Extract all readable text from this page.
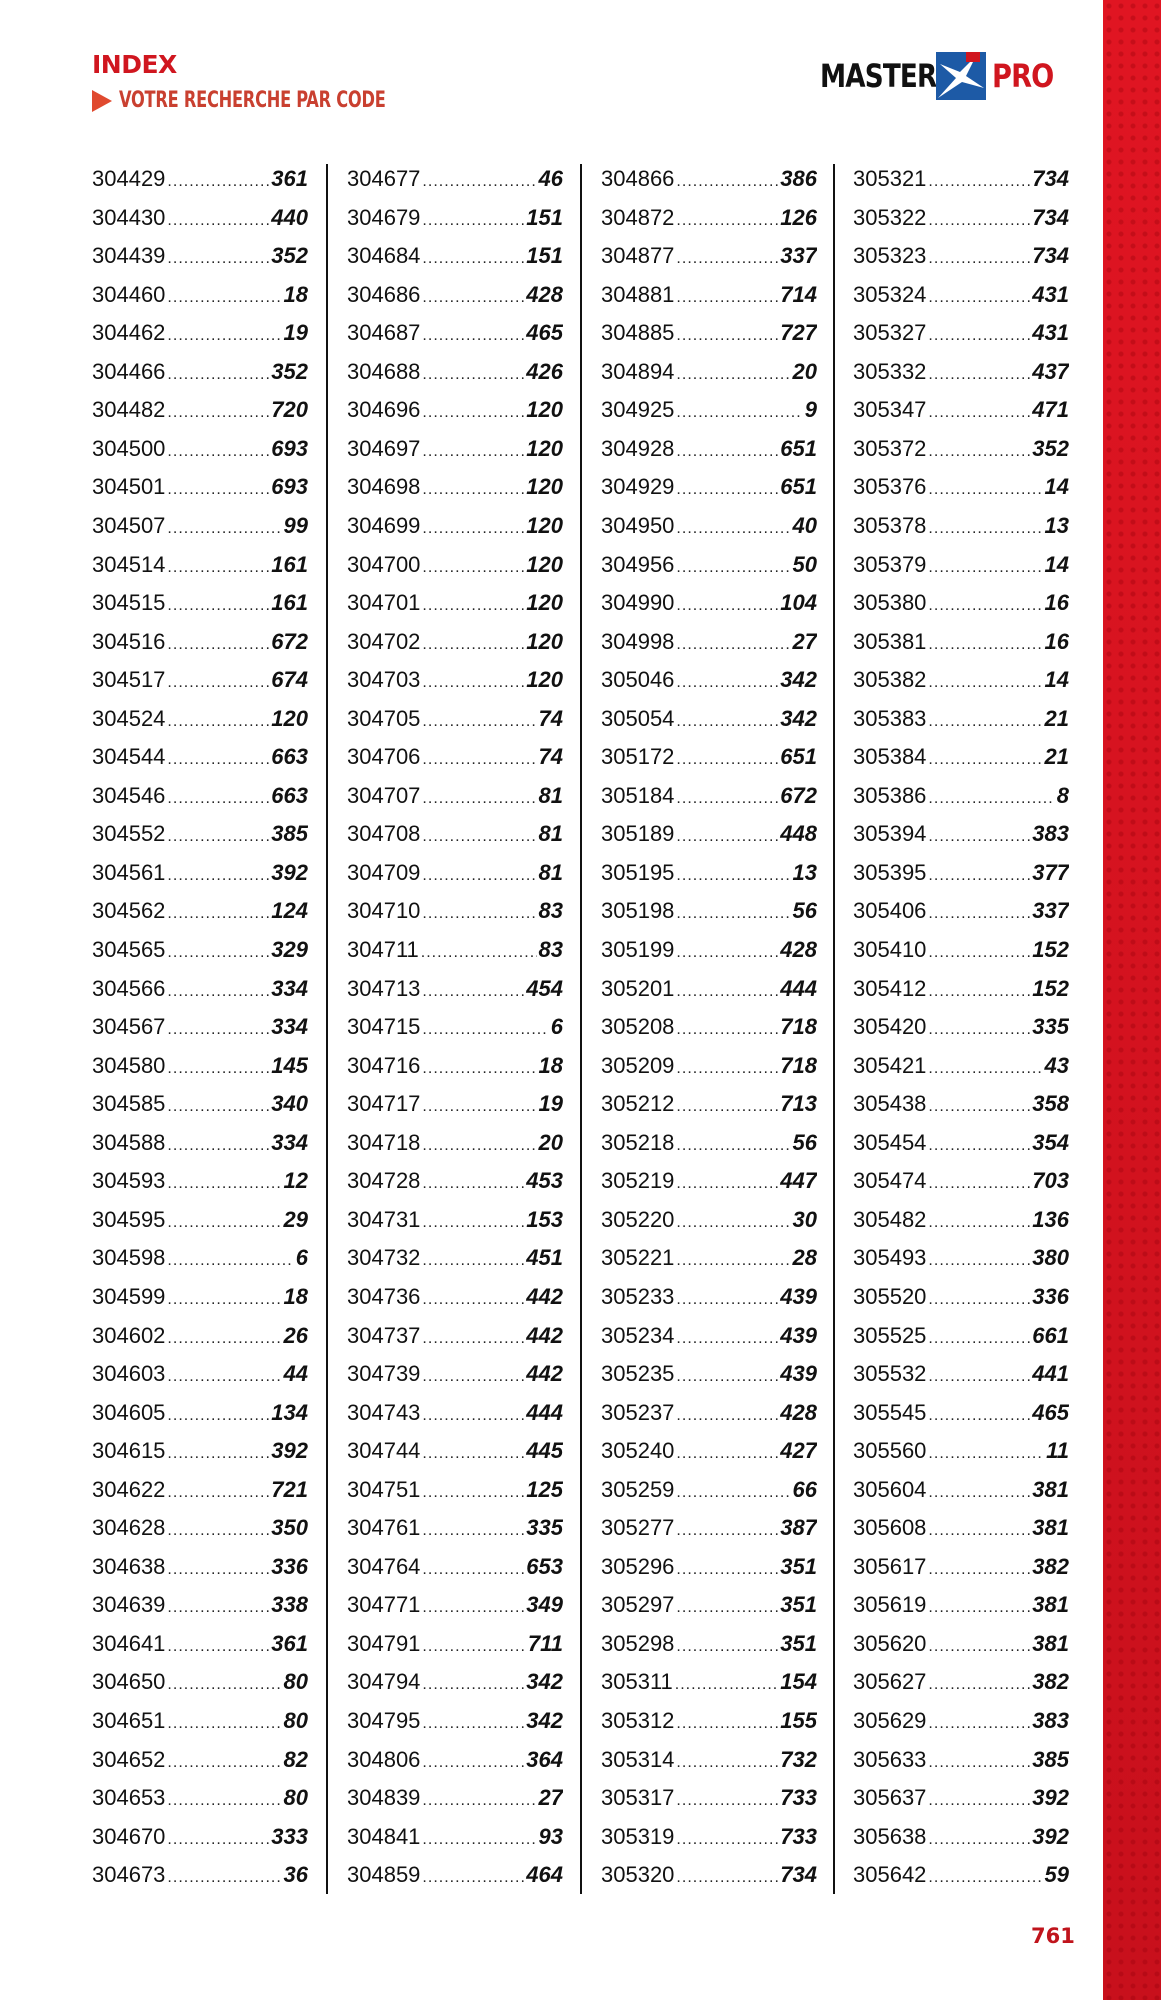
INDEX
VOTRE RECHERCHE PAR CODE
MASTER PRO
304429 .....	361
304430 .....	440
304439 .....	352
304460 .....	18
304462 .....	19
304466 .....	352
304482 .....	720
304500 .....	693
304501 .....	693
304507 .....	99
304514 .....	161
304515 .....	161
304516 .....	672
304517 .....	674
304524 .....	120
304544 .....	663
304546 .....	663
304552 .....	385
304561 .....	392
304562 .....	124
304565 .....	329
304566 .....	334
304567 .....	334
304580 .....	145
304585 .....	340
304588 .....	334
304593 .....	12
304595 .....	29
304598 .....	6
304599 .....	18
304602 .....	26
304603 .....	44
304605 .....	134
304615 .....	392
304622 .....	721
304628 .....	350
304638 .....	336
304639 .....	338
304641 .....	361
304650 .....	80
304651 .....	80
304652 .....	82
304653 .....	80
304670 .....	333
304673 .....	36
304677 .....	46
304679 .....	151
304684 .....	151
304686 .....	428
304687 .....	465
304688 .....	426
304696 .....	120
304697 .....	120
304698 .....	120
304699 .....	120
304700 .....	120
304701 .....	120
304702 .....	120
304703 .....	120
304705 .....	74
304706 .....	74
304707 .....	81
304708 .....	81
304709 .....	81
304710 .....	83
304711 .....	83
304713 .....	454
304715 .....	6
304716 .....	18
304717 .....	19
304718 .....	20
304728 .....	453
304731 .....	153
304732 .....	451
304736 .....	442
304737 .....	442
304739 .....	442
304743 .....	444
304744 .....	445
304751 .....	125
304761 .....	335
304764 .....	653
304771 .....	349
304791 .....	711
304794 .....	342
304795 .....	342
304806 .....	364
304839 .....	27
304841 .....	93
304859 .....	464
304866 .....	386
304872 .....	126
304877 .....	337
304881 .....	714
304885 .....	727
304894 .....	20
304925 .....	9
304928 .....	651
304929 .....	651
304950 .....	40
304956 .....	50
304990 .....	104
304998 .....	27
305046 .....	342
305054 .....	342
305172 .....	651
305184 .....	672
305189 .....	448
305195 .....	13
305198 .....	56
305199 .....	428
305201 .....	444
305208 .....	718
305209 .....	718
305212 .....	713
305218 .....	56
305219 .....	447
305220 .....	30
305221 .....	28
305233 .....	439
305234 .....	439
305235 .....	439
305237 .....	428
305240 .....	427
305259 .....	66
305277 .....	387
305296 .....	351
305297 .....	351
305298 .....	351
305311 .....	154
305312 .....	155
305314 .....	732
305317 .....	733
305319 .....	733
305320 .....	734
305321 .....	734
305322 .....	734
305323 .....	734
305324 .....	431
305327 .....	431
305332 .....	437
305347 .....	471
305372 .....	352
305376 .....	14
305378 .....	13
305379 .....	14
305380 .....	16
305381 .....	16
305382 .....	14
305383 .....	21
305384 .....	21
305386 .....	8
305394 .....	383
305395 .....	377
305406 .....	337
305410 .....	152
305412 .....	152
305420 .....	335
305421 .....	43
305438 .....	358
305454 .....	354
305474 .....	703
305482 .....	136
305493 .....	380
305520 .....	336
305525 .....	661
305532 .....	441
305545 .....	465
305560 .....	11
305604 .....	381
305608 .....	381
305617 .....	382
305619 .....	381
305620 .....	381
305627 .....	382
305629 .....	383
305633 .....	385
305637 .....	392
305638 .....	392
305642 .....	59
761
